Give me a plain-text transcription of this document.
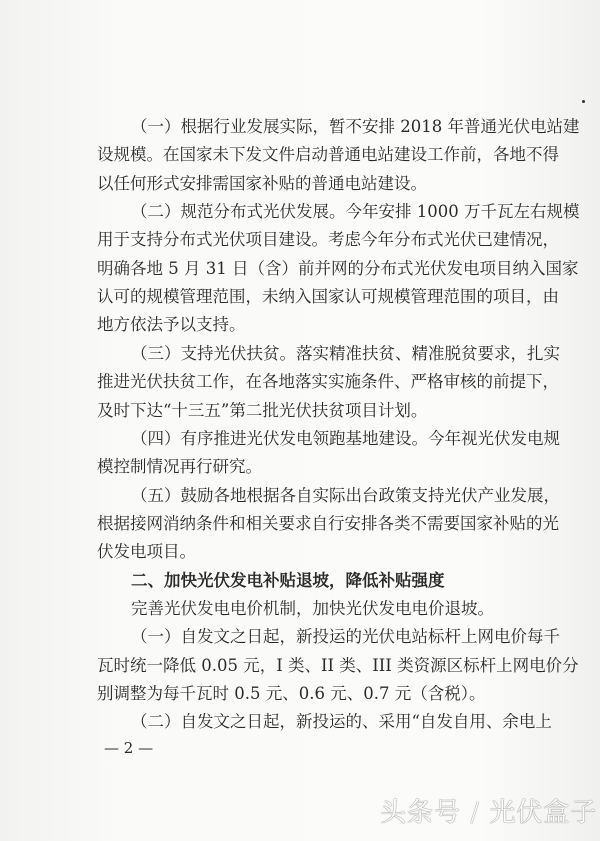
（一）根据行业发展实际，暂不安排 2018 年普通光伏电站建
设规模。在国家未下发文件启动普通电站建设工作前，各地不得
以任何形式安排需国家补贴的普通电站建设。
（二）规范分布式光伏发展。今年安排 1000 万千瓦左右规模
用于支持分布式光伏项目建设。考虑今年分布式光伏已建情况，
明确各地 5 月 31 日（含）前并网的分布式光伏发电项目纳入国家
认可的规模管理范围，未纳入国家认可规模管理范围的项目，由
地方依法予以支持。
（三）支持光伏扶贫。落实精准扶贫、精准脱贫要求，扎实
推进光伏扶贫工作，在各地落实实施条件、严格审核的前提下，
及时下达“十三五”第二批光伏扶贫项目计划。
（四）有序推进光伏发电领跑基地建设。今年视光伏发电规
模控制情况再行研究。
（五）鼓励各地根据各自实际出台政策支持光伏产业发展，
根据接网消纳条件和相关要求自行安排各类不需要国家补贴的光
伏发电项目。
二、加快光伏发电补贴退坡，降低补贴强度
完善光伏发电电价机制，加快光伏发电电价退坡。
（一）自发文之日起，新投运的光伏电站标杆上网电价每千
瓦时统一降低 0.05 元，I 类、II 类、III 类资源区标杆上网电价分
别调整为每千瓦时 0.5 元、0.6 元、0.7 元（含税）。
（二）自发文之日起，新投运的、采用“自发自用、余电上
— 2 —
头条号 / 光伏盒子
